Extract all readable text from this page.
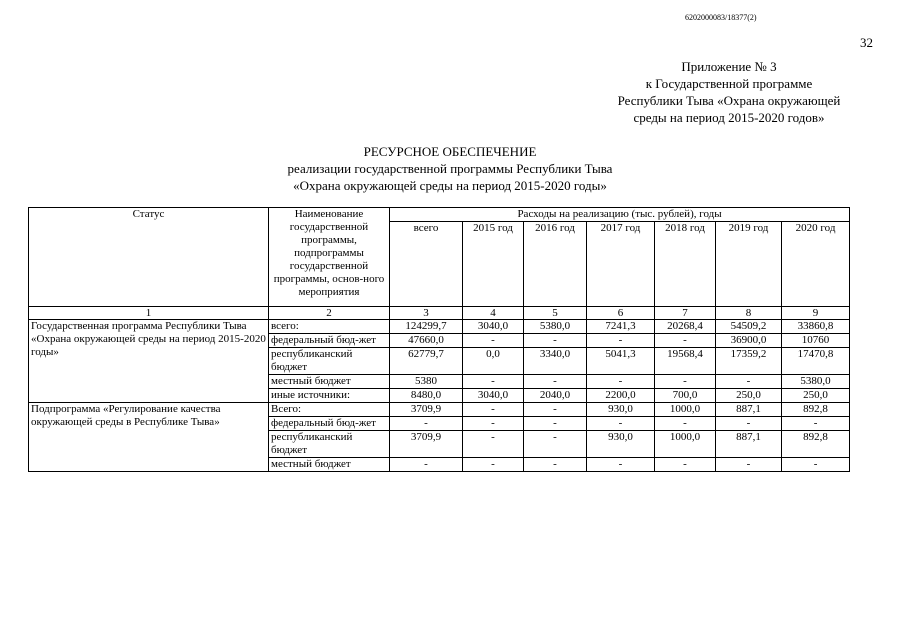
6202000083/18377(2)
32
Приложение № 3
к Государственной программе
Республики Тыва «Охрана окружающей
среды на период 2015-2020 годов»
РЕСУРСНОЕ ОБЕСПЕЧЕНИЕ
реализации государственной программы Республики Тыва
«Охрана окружающей среды на период 2015-2020 годы»
Статус	Наименование государственной программы, подпрограммы государственной программы, основ-ного мероприятия	Расходы на реализацию (тыс. рублей), годы						
		всего	2015 год	2016 год	2017 год	2018 год	2019 год	2020 год
1	2	3	4	5	6	7	8	9
Государственная программа Республики Тыва «Охрана окружающей среды на период 2015-2020 годы»	всего:	124299,7	3040,0	5380,0	7241,3	20268,4	54509,2	33860,8
	федеральный бюд-жет	47660,0	-	-	-	-	36900,0	10760
	республиканский бюджет	62779,7	0,0	3340,0	5041,3	19568,4	17359,2	17470,8
	местный бюджет	5380	-	-	-	-	-	5380,0
	иные источники:	8480,0	3040,0	2040,0	2200,0	700,0	250,0	250,0
Подпрограмма «Регулирование качества окружающей среды в Республике Тыва»	Всего:	3709,9	-	-	930,0	1000,0	887,1	892,8
	федеральный бюд-жет	-	-	-	-	-	-	-
	республиканский бюджет	3709,9	-	-	930,0	1000,0	887,1	892,8
	местный бюджет	-	-	-	-	-	-	-
